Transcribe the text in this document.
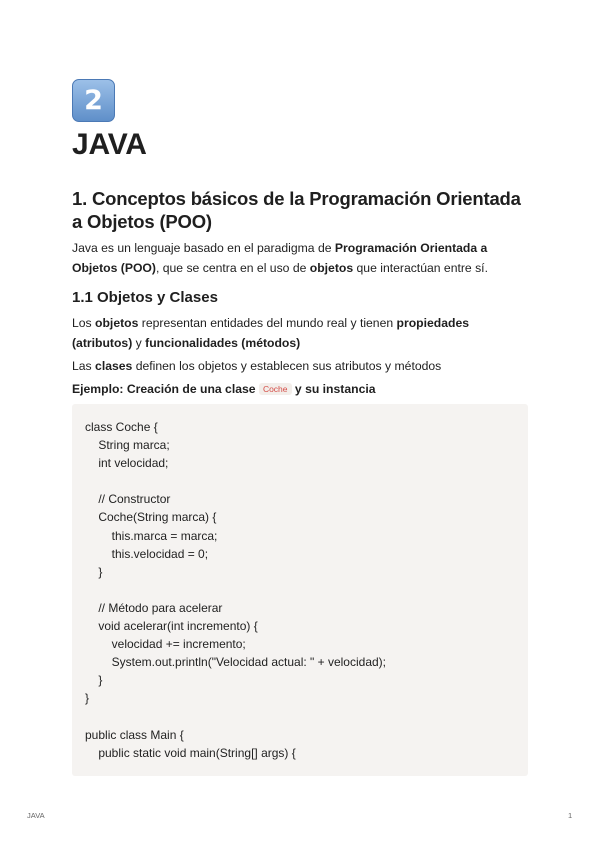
2
JAVA
1. Conceptos básicos de la Programación Orientada a Objetos (POO)

Java es un lenguaje basado en el paradigma de Programación Orientada a Objetos (POO), que se centra en el uso de objetos que interactúan entre sí.

1.1 Objetos y Clases

Los objetos representan entidades del mundo real y tienen propiedades (atributos) y funcionalidades (métodos)

Las clases definen los objetos y establecen sus atributos y métodos

Ejemplo: Creación de una clase Coche y su instancia

class Coche {
String marca;
int velocidad;
// Constructor
Coche(String marca) {
this.marca = marca;
this.velocidad = 0;
}
// Método para acelerar
void acelerar(int incremento) {
velocidad += incremento;
System.out.println("Velocidad actual: " + velocidad);
}
}
public class Main {
public static void main(String[] args) {
JAVA	1
